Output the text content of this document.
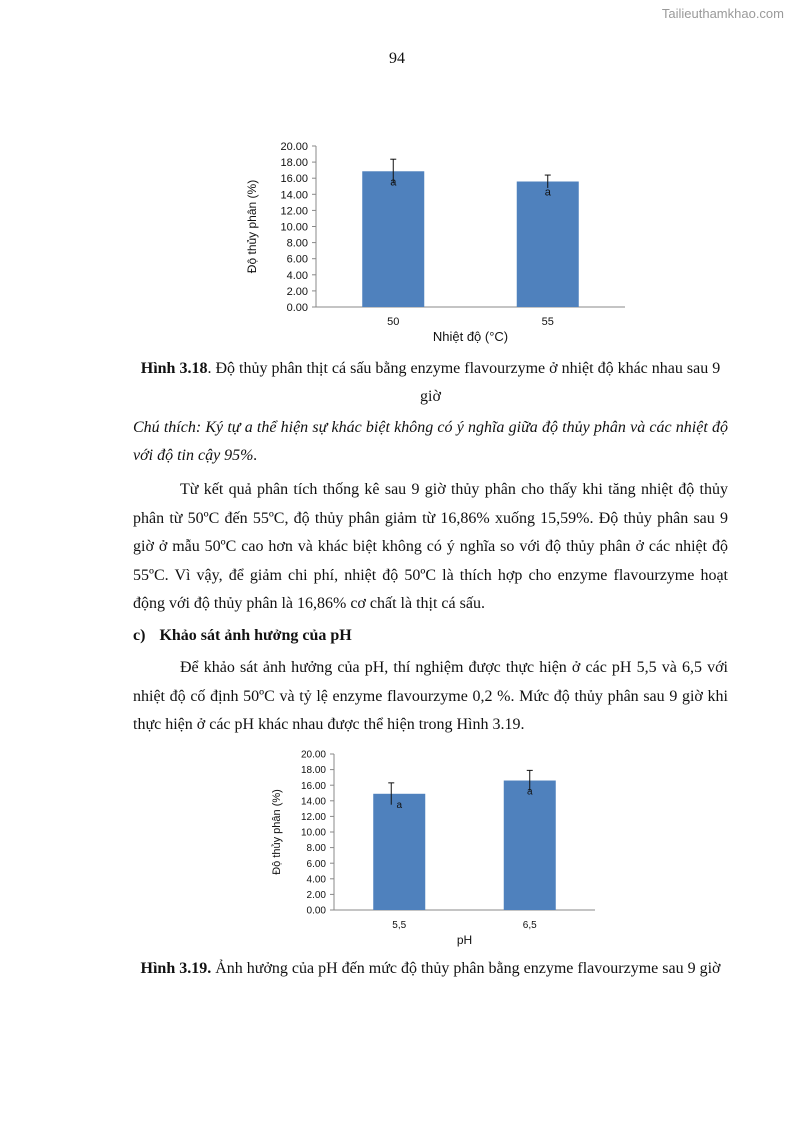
Tailieuthamkhao.com
94
0.00
2.00
4.00
6.00
8.00
10.00
12.00
14.00
16.00
18.00
20.00
a
50
a
55
Nhiệt độ (°C)
Độ thủy phân (%)
Hình 3.18. Độ thủy phân thịt cá sấu bằng enzyme flavourzyme ở nhiệt độ khác nhau sau 9 giờ
Chú thích: Ký tự a thể hiện sự khác biệt không có ý nghĩa giữa độ thủy phân và các nhiệt độ với độ tin cậy 95%.

Từ kết quả phân tích thống kê sau 9 giờ thủy phân cho thấy khi tăng nhiệt độ thủy phân từ 50ºC đến 55ºC, độ thủy phân giảm từ 16,86% xuống 15,59%. Độ thủy phân sau 9 giờ ở mẫu 50ºC cao hơn và khác biệt không có ý nghĩa so với độ thủy phân ở các nhiệt độ 55ºC. Vì vậy, để giảm chi phí, nhiệt độ 50ºC là thích hợp cho enzyme flavourzyme hoạt động với độ thủy phân là 16,86% cơ chất là thịt cá sấu.

c) Khảo sát ảnh hưởng của pH

Để khảo sát ảnh hưởng của pH, thí nghiệm được thực hiện ở các pH 5,5 và 6,5 với nhiệt độ cố định 50ºC và tỷ lệ enzyme flavourzyme 0,2 %. Mức độ thủy phân sau 9 giờ khi thực hiện ở các pH khác nhau được thể hiện trong Hình 3.19.

0.00
2.00
4.00
6.00
8.00
10.00
12.00
14.00
16.00
18.00
20.00
a
5,5
a
6,5
pH
Độ thủy phân (%)
Hình 3.19. Ảnh hưởng của pH đến mức độ thủy phân bằng enzyme flavourzyme sau 9 giờ
